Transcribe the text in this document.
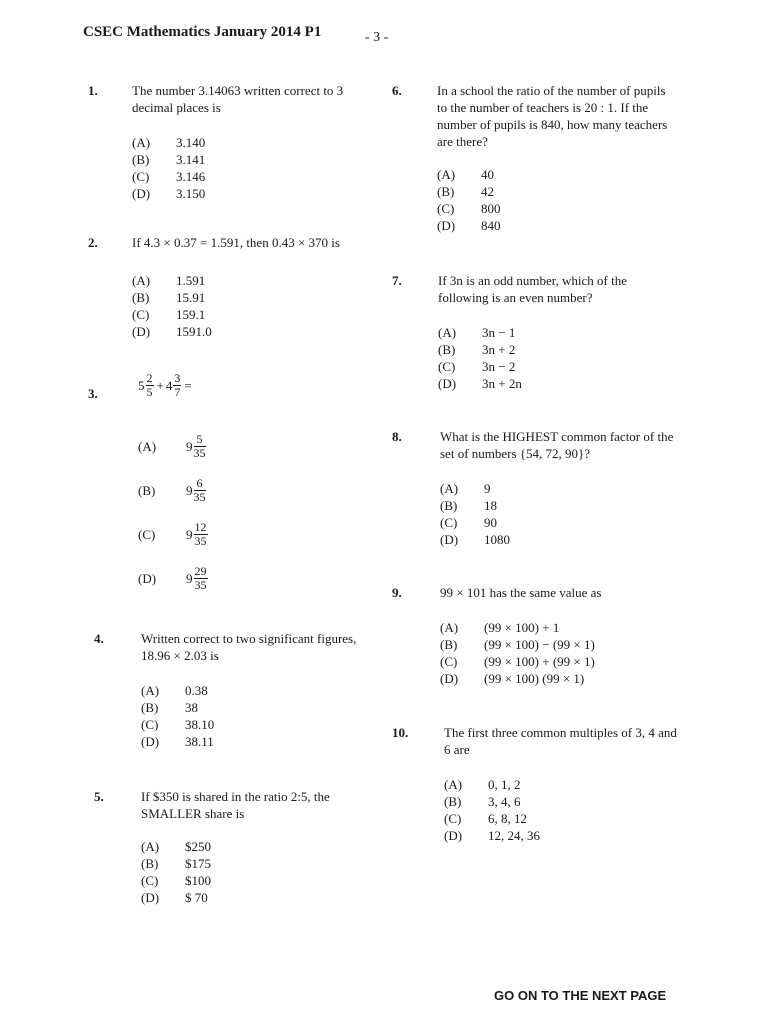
CSEC Mathematics January 2014 P1	- 3 -
1.	The number 3.14063 written correct to 3 decimal places is
(A)	3.140
(B)	3.141
(C)	3.146
(D)	3.150
2.	If 4.3 × 0.37 = 1.591, then 0.43 × 370 is
(A)	1.591
(B)	15.91
(C)	159.1
(D)	1591.0
3.
$5 \frac{2}{5} + 4 \frac{3}{7}$ =
(A)	$9 \frac{5}{35}$
(B)	$9 \frac{6}{35}$
(C)	$9 \frac{12}{35}$
(D)	$9 \frac{29}{35}$
4.	Written correct to two significant figures, 18.96 × 2.03 is
(A)	0.38
(B)	38
(C)	38.10
(D)	38.11
5.	If $350 is shared in the ratio 2:5, the SMALLER share is
(A)	$250
(B)	$175
(C)	$100
(D)	$ 70
6.	In a school the ratio of the number of pupils to the number of teachers is 20 : 1. If the number of pupils is 840, how many teachers are there?
(A)	40
(B)	42
(C)	800
(D)	840
7.	If 3n is an odd number, which of the following is an even number?
(A)	3n − 1
(B)	3n + 2
(C)	3n − 2
(D)	3n + 2n
8.	What is the HIGHEST common factor of the set of numbers {54, 72, 90}?
(A)	9
(B)	18
(C)	90
(D)	1080
9.	99 × 101 has the same value as
(A)	(99 × 100) + 1
(B)	(99 × 100) − (99 × 1)
(C)	(99 × 100) + (99 × 1)
(D)	(99 × 100) (99 × 1)
10.	The first three common multiples of 3, 4 and 6 are
(A)	0, 1, 2
(B)	3, 4, 6
(C)	6, 8, 12
(D)	12, 24, 36
GO ON TO THE NEXT PAGE
